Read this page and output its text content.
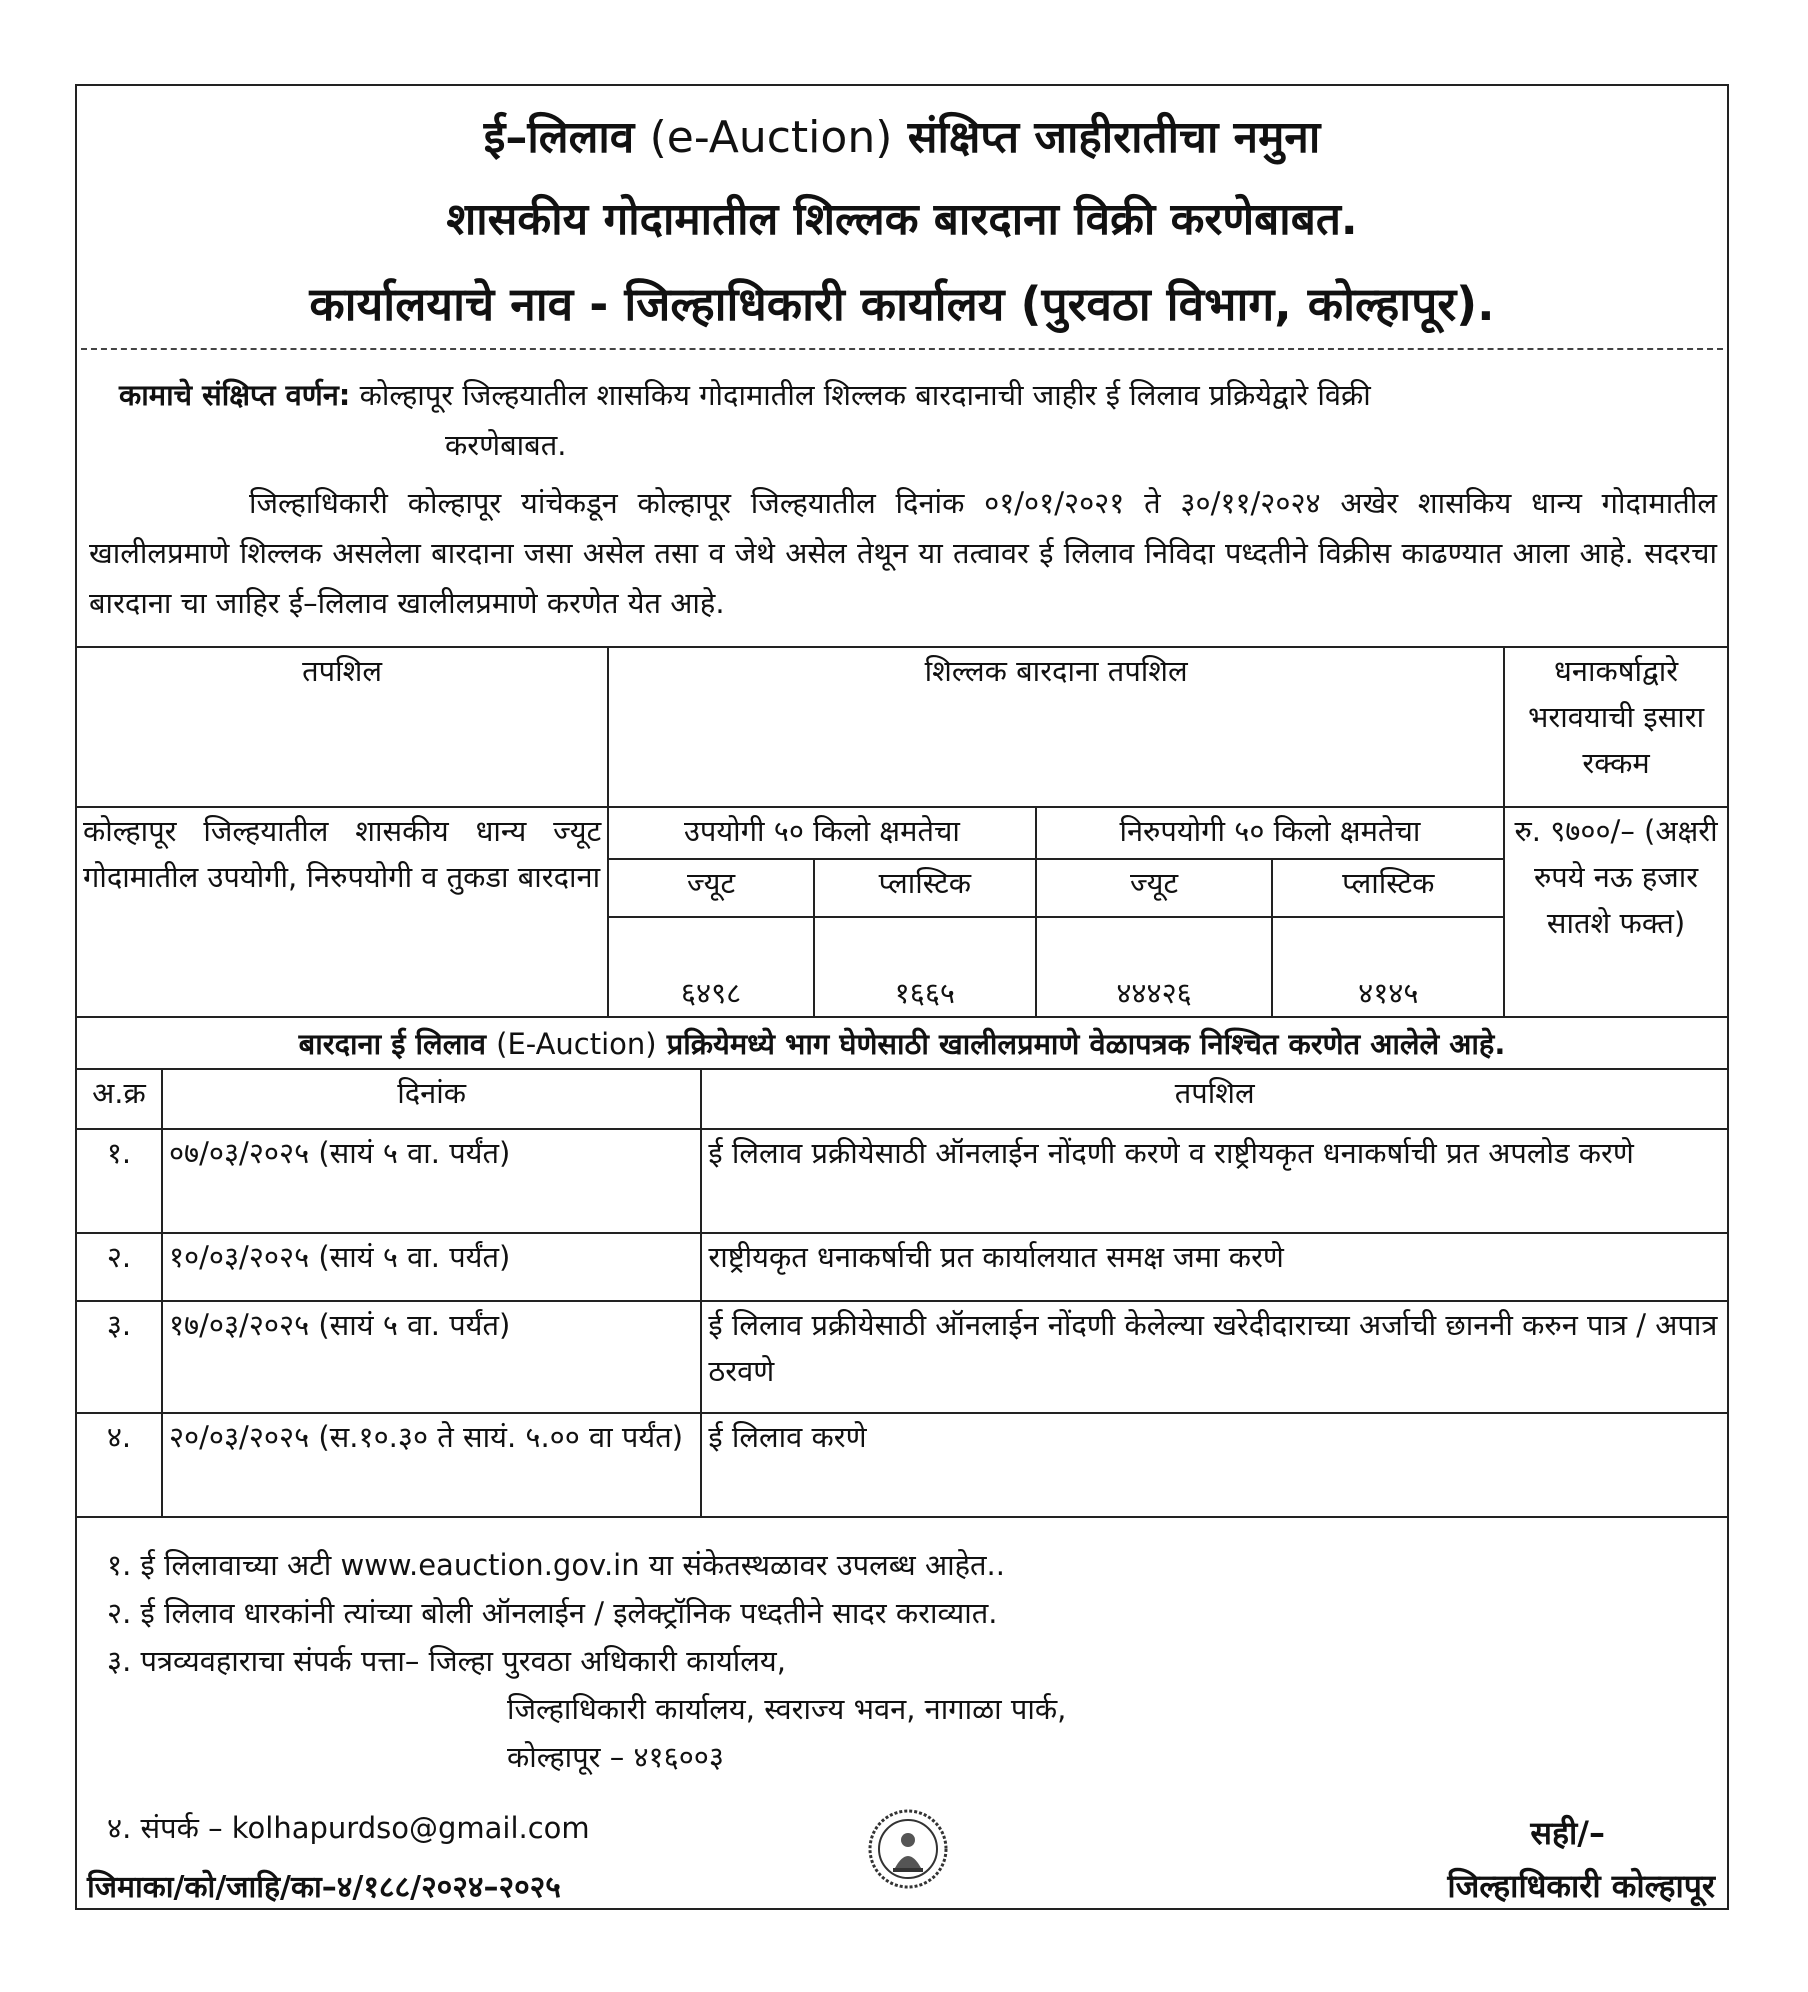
ई–लिलाव (e-Auction) संक्षिप्त जाहीरातीचा नमुना
शासकीय गोदामातील शिल्लक बारदाना विक्री करणेबाबत.
कार्यालयाचे नाव - जिल्हाधिकारी कार्यालय (पुरवठा विभाग, कोल्हापूर).
कामाचे संक्षिप्त वर्णन: कोल्हापूर जिल्हयातील शासकिय गोदामातील शिल्लक बारदानाची जाहीर ई लिलाव प्रक्रियेद्वारे विक्री
करणेबाबत.
जिल्हाधिकारी कोल्हापूर यांचेकडून कोल्हापूर जिल्हयातील दिनांक ०१/०१/२०२१ ते ३०/११/२०२४ अखेर शासकिय धान्य गोदामातील खालीलप्रमाणे शिल्लक असलेला बारदाना जसा असेल तसा व जेथे असेल तेथून या तत्वावर ई लिलाव निविदा पध्दतीने विक्रीस काढण्यात आला आहे. सदरचा बारदाना चा जाहिर ई–लिलाव खालीलप्रमाणे करणेत येत आहे.
तपशिल	शिल्लक बारदाना तपशिल				धनाकर्षाद्वारे भरावयाची इसारा रक्कम
कोल्हापूर जिल्हयातील शासकीय धान्य ज्यूट गोदामातील उपयोगी, निरुपयोगी व तुकडा बारदाना	उपयोगी ५० किलो क्षमतेचा		निरुपयोगी ५० किलो क्षमतेचा		रु. ९७००/– (अक्षरी रुपये नऊ हजार सातशे फक्त)
	ज्यूट	प्लास्टिक	ज्यूट	प्लास्टिक	
	६४९८	१६६५	४४४२६	४१४५	
बारदाना ई लिलाव (E-Auction) प्रक्रियेमध्ये भाग घेणेसाठी खालीलप्रमाणे वेळापत्रक निश्चित करणेत आलेले आहे.
अ.क्र	दिनांक	तपशिल
१.	०७/०३/२०२५ (सायं ५ वा. पर्यंत)	ई लिलाव प्रक्रीयेसाठी ऑनलाईन नोंदणी करणे व राष्ट्रीयकृत धनाकर्षाची प्रत अपलोड करणे
२.	१०/०३/२०२५ (सायं ५ वा. पर्यंत)	राष्ट्रीयकृत धनाकर्षाची प्रत कार्यालयात समक्ष जमा करणे
३.	१७/०३/२०२५ (सायं ५ वा. पर्यंत)	ई लिलाव प्रक्रीयेसाठी ऑनलाईन नोंदणी केलेल्या खरेदीदाराच्या अर्जाची छाननी करुन पात्र / अपात्र ठरवणे
४.	२०/०३/२०२५ (स.१०.३० ते सायं. ५.०० वा पर्यंत)	ई लिलाव करणे
१. ई लिलावाच्या अटी www.eauction.gov.in या संकेतस्थळावर उपलब्ध आहेत..
२. ई लिलाव धारकांनी त्यांच्या बोली ऑनलाईन / इलेक्ट्रॉनिक पध्दतीने सादर कराव्यात.
३. पत्रव्यवहाराचा संपर्क पत्ता– जिल्हा पुरवठा अधिकारी कार्यालय,
जिल्हाधिकारी कार्यालय, स्वराज्य भवन, नागाळा पार्क,
कोल्हापूर – ४१६००३
४. संपर्क – kolhapurdso@gmail.com
जिमाका/को/जाहि/का–४/१८८/२०२४–२०२५
सही/–
जिल्हाधिकारी कोल्हापूर
